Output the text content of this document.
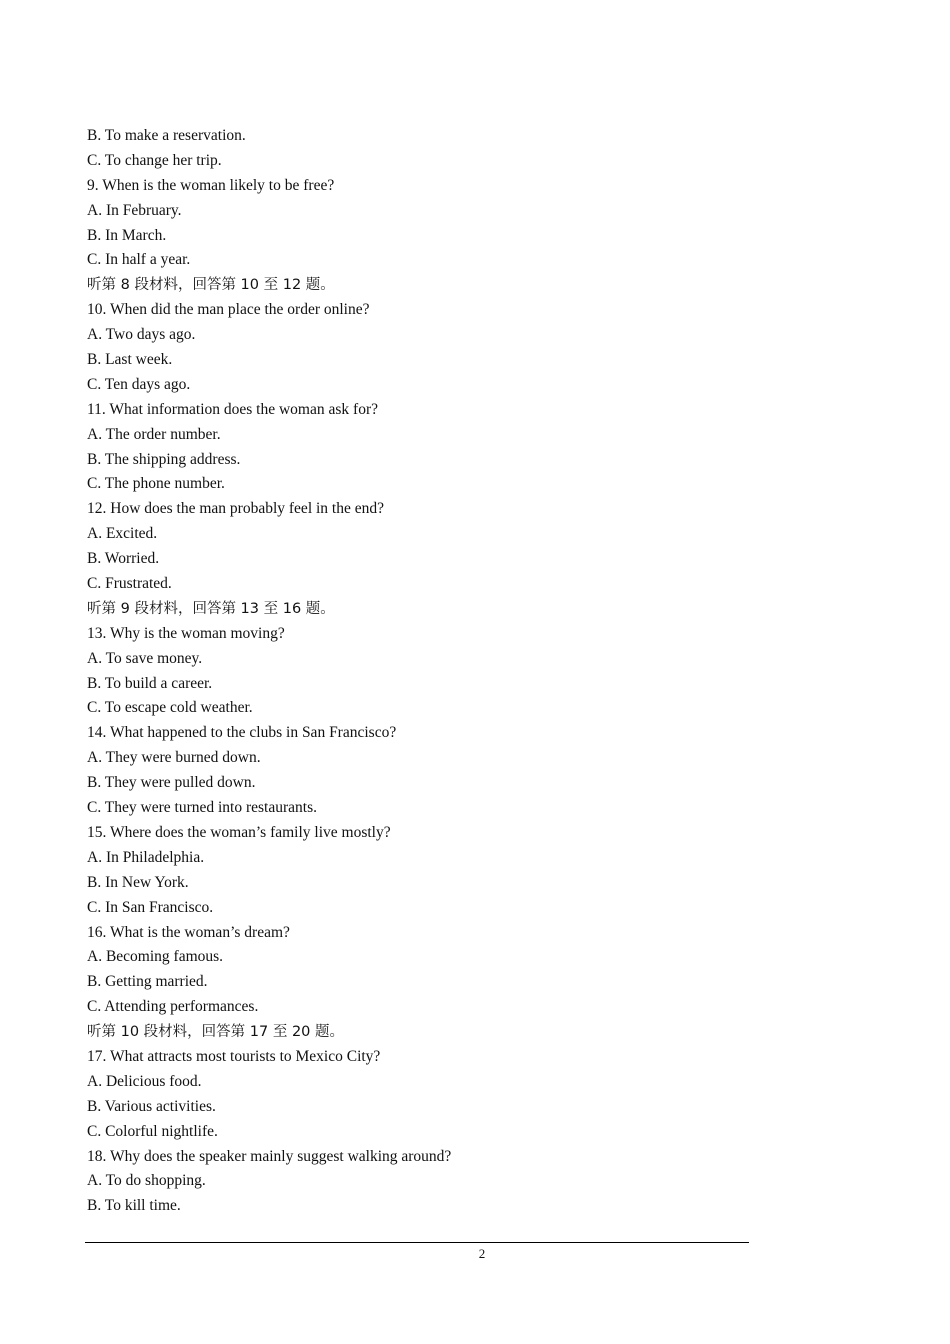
B. To make a reservation.
C. To change her trip.
9. When is the woman likely to be free?
A. In February.
B. In March.
C. In half a year.
听第 8 段材料，回答第 10 至 12 题。
10. When did the man place the order online?
A. Two days ago.
B. Last week.
C. Ten days ago.
11. What information does the woman ask for?
A. The order number.
B. The shipping address.
C. The phone number.
12. How does the man probably feel in the end?
A. Excited.
B. Worried.
C. Frustrated.
听第 9 段材料，回答第 13 至 16 题。
13. Why is the woman moving?
A. To save money.
B. To build a career.
C. To escape cold weather.
14. What happened to the clubs in San Francisco?
A. They were burned down.
B. They were pulled down.
C. They were turned into restaurants.
15. Where does the woman’s family live mostly?
A. In Philadelphia.
B. In New York.
C. In San Francisco.
16. What is the woman’s dream?
A. Becoming famous.
B. Getting married.
C. Attending performances.
听第 10 段材料，回答第 17 至 20 题。
17. What attracts most tourists to Mexico City?
A. Delicious food.
B. Various activities.
C. Colorful nightlife.
18. Why does the speaker mainly suggest walking around?
A. To do shopping.
B. To kill time.
2
